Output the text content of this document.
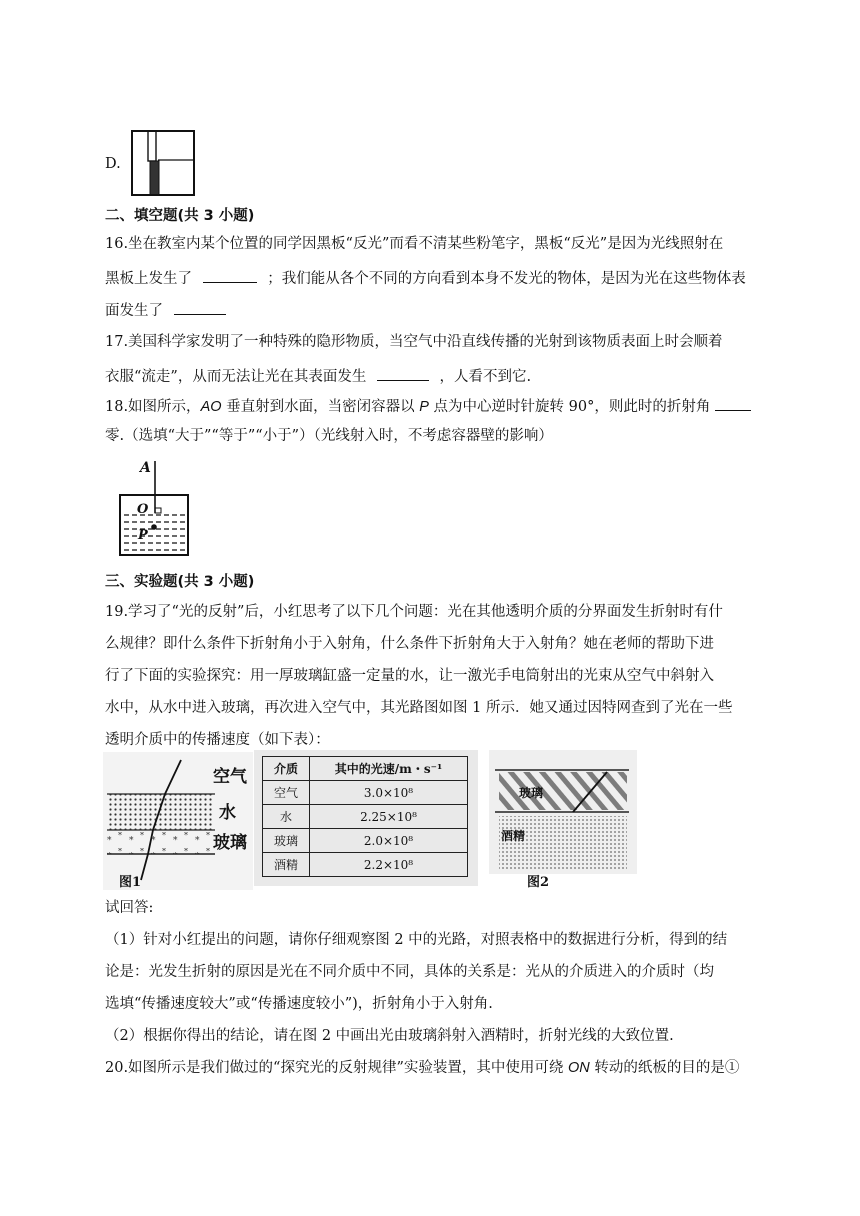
D.
二、填空题(共 3 小题)
16.坐在教室内某个位置的同学因黑板“反光”而看不清某些粉笔字，黑板“反光”是因为光线照射在
黑板上发生了	；我们能从各个不同的方向看到本身不发光的物体，是因为光在这些物体表
面发生了
17.美国科学家发明了一种特殊的隐形物质，当空气中沿直线传播的光射到该物质表面上时会顺着
衣服“流走”，从而无法让光在其表面发生	，人看不到它.
18.如图所示，AO 垂直射到水面，当密闭容器以 P 点为中心逆时针旋转 90°，则此时的折射角
零.（选填“大于”“等于”“小于”）（光线射入时，不考虑容器壁的影响）
A
O
P
三、实验题(共 3 小题)
19.学习了“光的反射”后，小红思考了以下几个问题：光在其他透明介质的分界面发生折射时有什
么规律？即什么条件下折射角小于入射角，什么条件下折射角大于入射角？她在老师的帮助下进
行了下面的实验探究：用一厚玻璃缸盛一定量的水，让一激光手电筒射出的光束从空气中斜射入
水中，从水中进入玻璃，再次进入空气中，其光路图如图 1 所示．她又通过因特网查到了光在一些
透明介质中的传播速度（如下表）：
空气
水
玻璃
图1
介质	其中的光速/m・s⁻¹
空气	3.0×10⁸
水	2.25×10⁸
玻璃	2.0×10⁸
酒精	2.2×10⁸
玻璃
酒精
图2
试回答:
（1）针对小红提出的问题，请你仔细观察图 2 中的光路，对照表格中的数据进行分析，得到的结
论是：光发生折射的原因是光在不同介质中不同，具体的关系是：光从的介质进入的介质时（均
选填“传播速度较大”或“传播速度较小”)，折射角小于入射角.
（2）根据你得出的结论，请在图 2 中画出光由玻璃斜射入酒精时，折射光线的大致位置.
20.如图所示是我们做过的“探究光的反射规律”实验装置，其中使用可绕 ON 转动的纸板的目的是①
